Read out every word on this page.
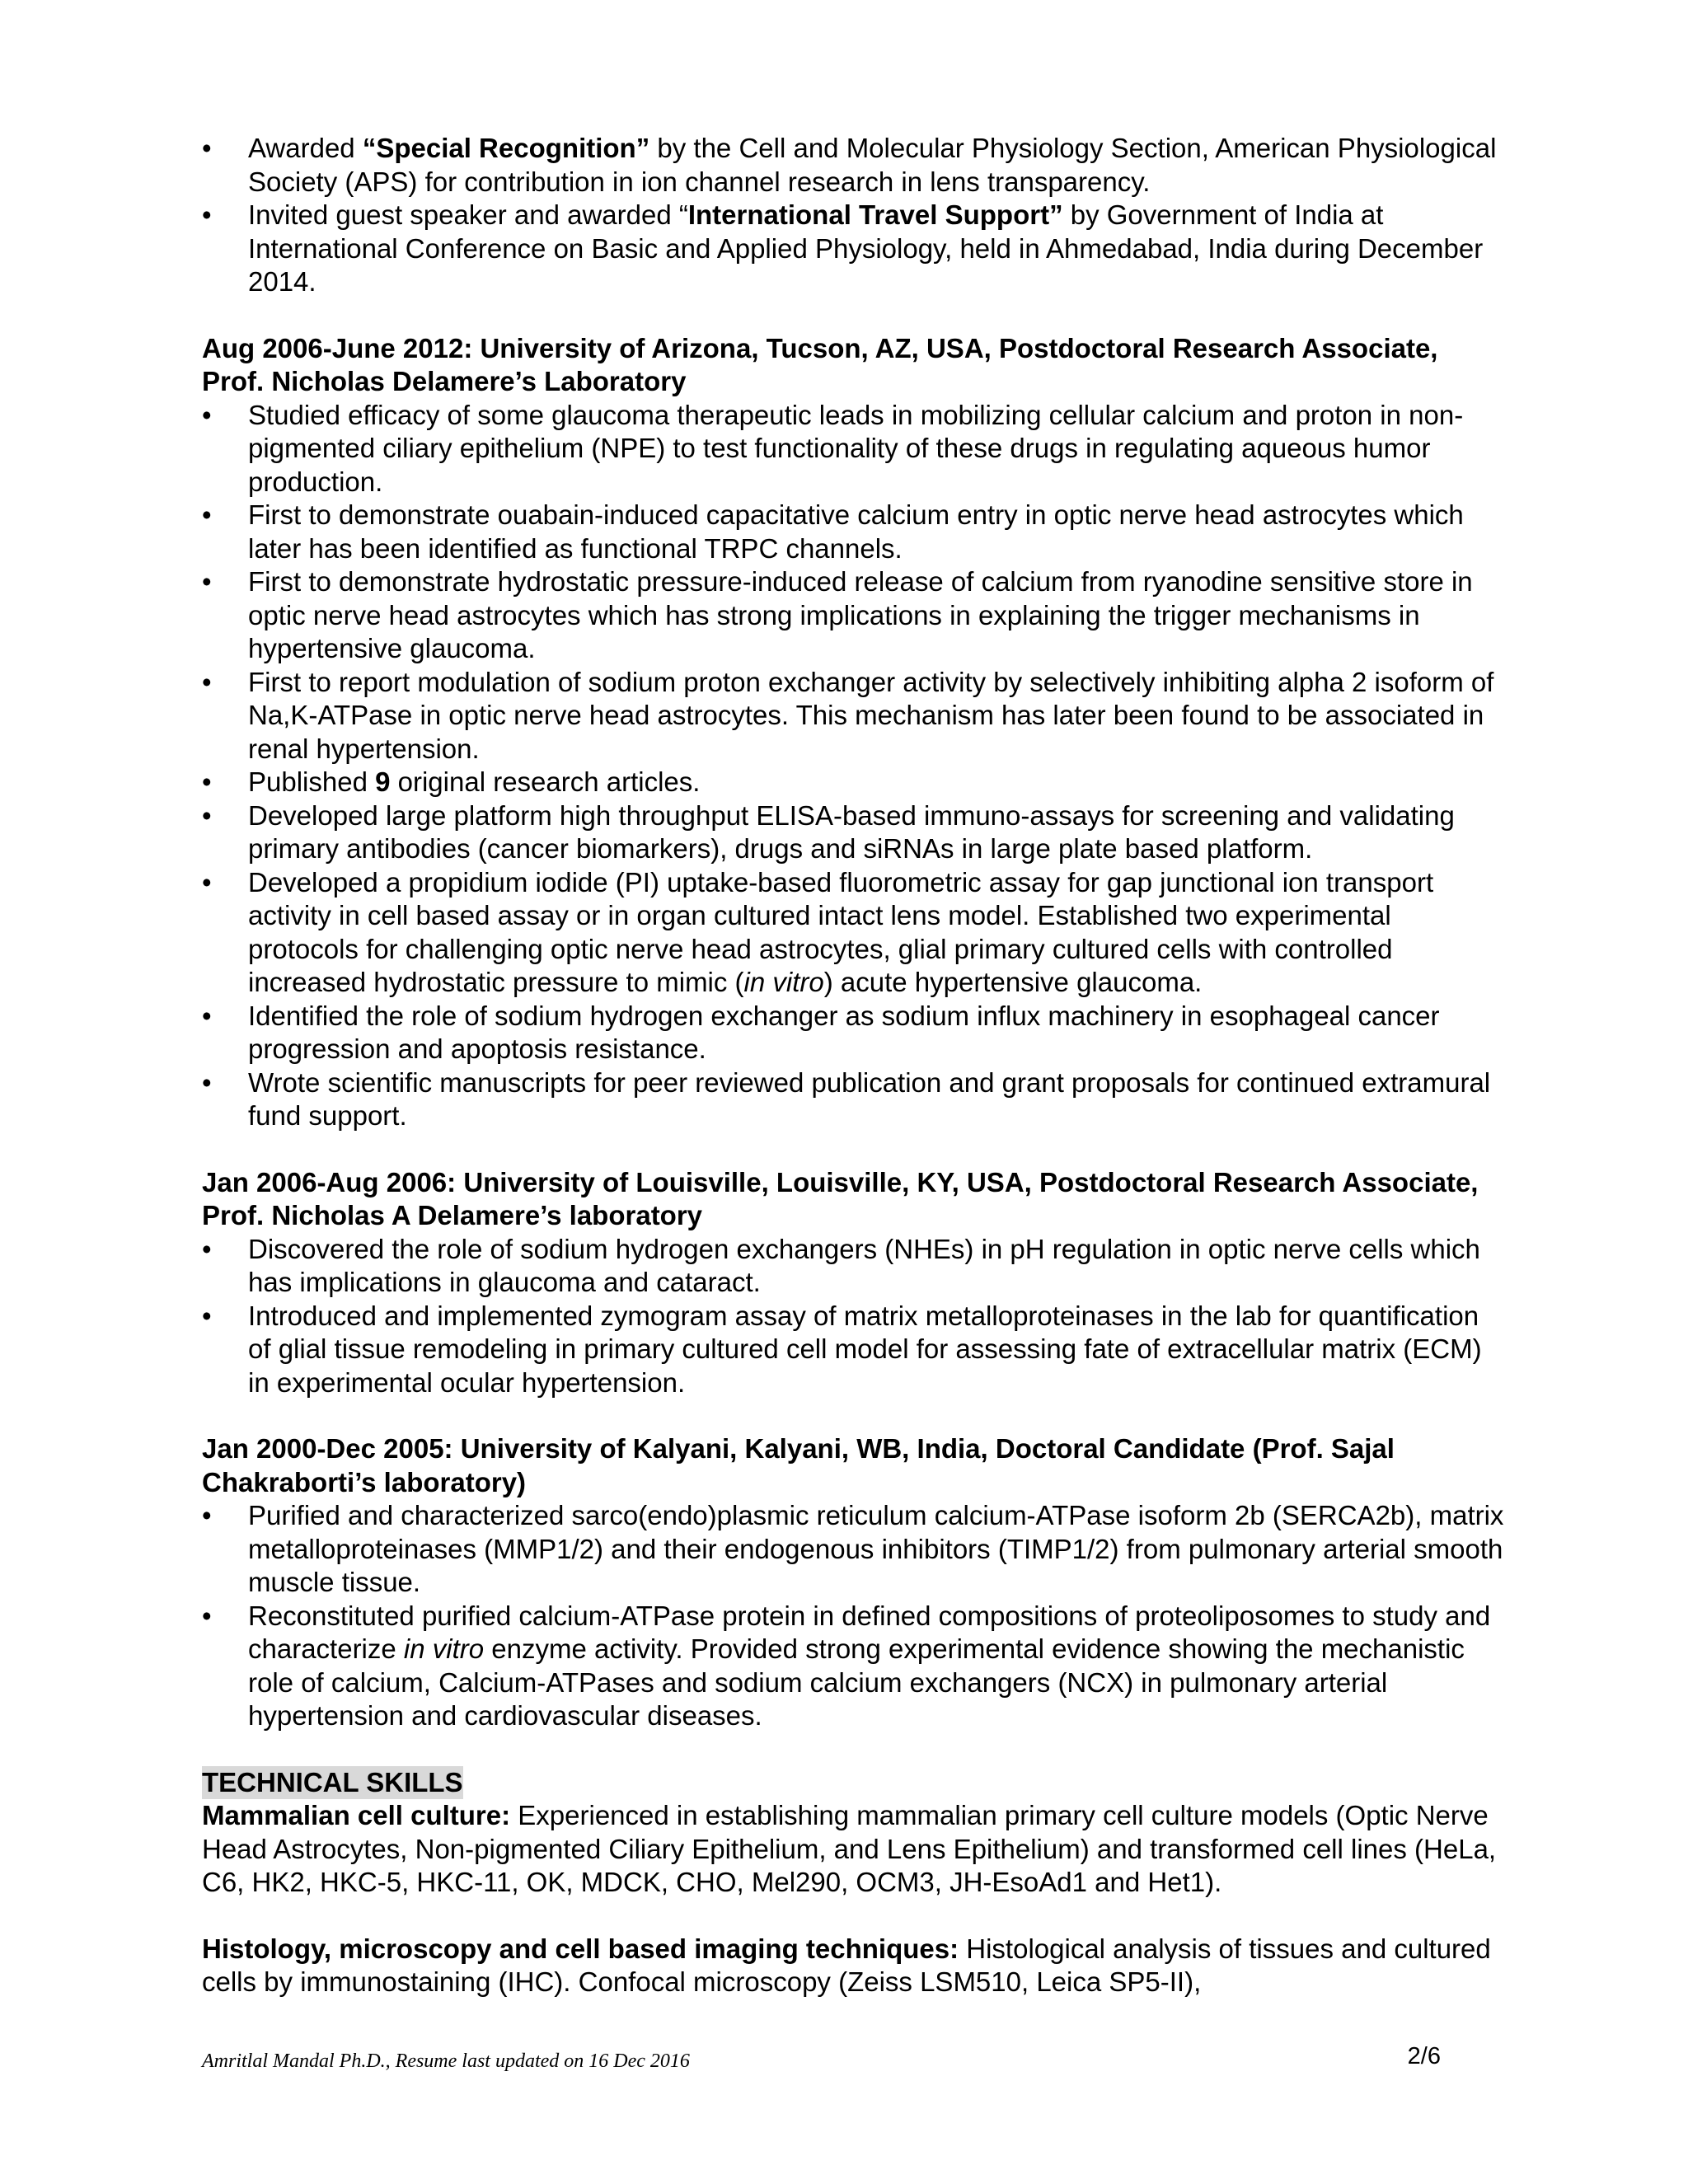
• Awarded “Special Recognition” by the Cell and Molecular Physiology Section, American Physiological Society (APS) for contribution in ion channel research in lens transparency.
• Invited guest speaker and awarded “International Travel Support” by Government of India at International Conference on Basic and Applied Physiology, held in Ahmedabad, India during December 2014.
Aug 2006-June 2012: University of Arizona, Tucson, AZ, USA, Postdoctoral Research Associate, Prof. Nicholas Delamere’s Laboratory
• Studied efficacy of some glaucoma therapeutic leads in mobilizing cellular calcium and proton in non-pigmented ciliary epithelium (NPE) to test functionality of these drugs in regulating aqueous humor production.
• First to demonstrate ouabain-induced capacitative calcium entry in optic nerve head astrocytes which later has been identified as functional TRPC channels.
• First to demonstrate hydrostatic pressure-induced release of calcium from ryanodine sensitive store in optic nerve head astrocytes which has strong implications in explaining the trigger mechanisms in hypertensive glaucoma.
• First to report modulation of sodium proton exchanger activity by selectively inhibiting alpha 2 isoform of Na,K-ATPase in optic nerve head astrocytes. This mechanism has later been found to be associated in renal hypertension.
• Published 9 original research articles.
• Developed large platform high throughput ELISA-based immuno-assays for screening and validating primary antibodies (cancer biomarkers), drugs and siRNAs in large plate based platform.
• Developed a propidium iodide (PI) uptake-based fluorometric assay for gap junctional ion transport activity in cell based assay or in organ cultured intact lens model. Established two experimental protocols for challenging optic nerve head astrocytes, glial primary cultured cells with controlled increased hydrostatic pressure to mimic (in vitro) acute hypertensive glaucoma.
• Identified the role of sodium hydrogen exchanger as sodium influx machinery in esophageal cancer progression and apoptosis resistance.
• Wrote scientific manuscripts for peer reviewed publication and grant proposals for continued extramural fund support.
Jan 2006-Aug 2006: University of Louisville, Louisville, KY, USA, Postdoctoral Research Associate, Prof. Nicholas A Delamere’s laboratory
• Discovered the role of sodium hydrogen exchangers (NHEs) in pH regulation in optic nerve cells which has implications in glaucoma and cataract.
• Introduced and implemented zymogram assay of matrix metalloproteinases in the lab for quantification of glial tissue remodeling in primary cultured cell model for assessing fate of extracellular matrix (ECM) in experimental ocular hypertension.
Jan 2000-Dec 2005: University of Kalyani, Kalyani, WB, India, Doctoral Candidate (Prof. Sajal Chakraborti’s laboratory)
• Purified and characterized sarco(endo)plasmic reticulum calcium-ATPase isoform 2b (SERCA2b), matrix metalloproteinases (MMP1/2) and their endogenous inhibitors (TIMP1/2) from pulmonary arterial smooth muscle tissue.
• Reconstituted purified calcium-ATPase protein in defined compositions of proteoliposomes to study and characterize in vitro enzyme activity. Provided strong experimental evidence showing the mechanistic role of calcium, Calcium-ATPases and sodium calcium exchangers (NCX) in pulmonary arterial hypertension and cardiovascular diseases.
TECHNICAL SKILLS
Mammalian cell culture: Experienced in establishing mammalian primary cell culture models (Optic Nerve Head Astrocytes, Non-pigmented Ciliary Epithelium, and Lens Epithelium) and transformed cell lines (HeLa, C6, HK2, HKC-5, HKC-11, OK, MDCK, CHO, Mel290, OCM3, JH-EsoAd1 and Het1).
Histology, microscopy and cell based imaging techniques: Histological analysis of tissues and cultured cells by immunostaining (IHC). Confocal microscopy (Zeiss LSM510, Leica SP5-II),
Amritlal Mandal Ph.D., Resume last updated on 16 Dec 2016	2/6
